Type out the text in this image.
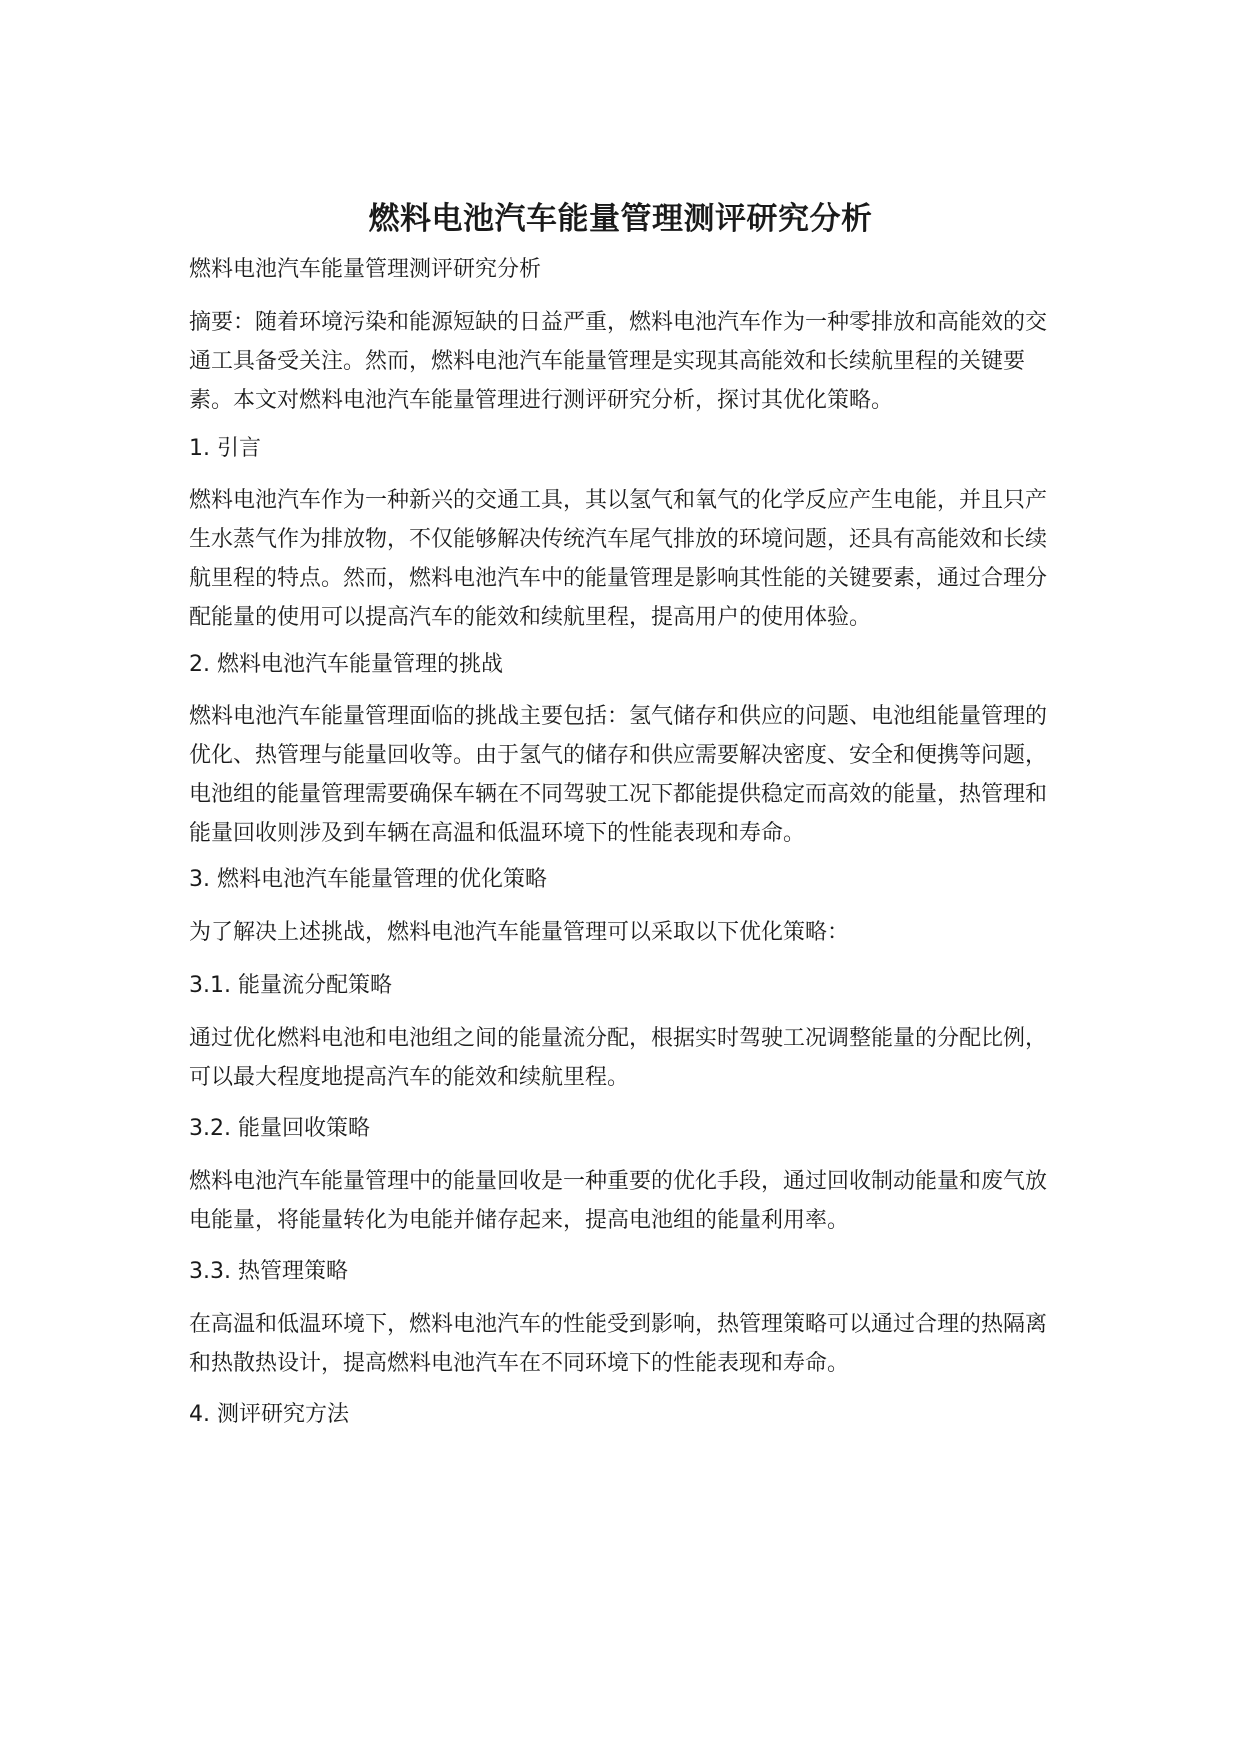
燃料电池汽车能量管理测评研究分析

燃料电池汽车能量管理测评研究分析

摘要：随着环境污染和能源短缺的日益严重，燃料电池汽车作为一种零排放和高能效的交通工具备受关注。然而，燃料电池汽车能量管理是实现其高能效和长续航里程的关键要素。本文对燃料电池汽车能量管理进行测评研究分析，探讨其优化策略。

1. 引言

燃料电池汽车作为一种新兴的交通工具，其以氢气和氧气的化学反应产生电能，并且只产生水蒸气作为排放物，不仅能够解决传统汽车尾气排放的环境问题，还具有高能效和长续航里程的特点。然而，燃料电池汽车中的能量管理是影响其性能的关键要素，通过合理分配能量的使用可以提高汽车的能效和续航里程，提高用户的使用体验。

2. 燃料电池汽车能量管理的挑战

燃料电池汽车能量管理面临的挑战主要包括：氢气储存和供应的问题、电池组能量管理的优化、热管理与能量回收等。由于氢气的储存和供应需要解决密度、安全和便携等问题，电池组的能量管理需要确保车辆在不同驾驶工况下都能提供稳定而高效的能量，热管理和能量回收则涉及到车辆在高温和低温环境下的性能表现和寿命。

3. 燃料电池汽车能量管理的优化策略

为了解决上述挑战，燃料电池汽车能量管理可以采取以下优化策略：

3.1. 能量流分配策略

通过优化燃料电池和电池组之间的能量流分配，根据实时驾驶工况调整能量的分配比例，可以最大程度地提高汽车的能效和续航里程。

3.2. 能量回收策略

燃料电池汽车能量管理中的能量回收是一种重要的优化手段，通过回收制动能量和废气放电能量，将能量转化为电能并储存起来，提高电池组的能量利用率。

3.3. 热管理策略

在高温和低温环境下，燃料电池汽车的性能受到影响，热管理策略可以通过合理的热隔离和热散热设计，提高燃料电池汽车在不同环境下的性能表现和寿命。

4. 测评研究方法
